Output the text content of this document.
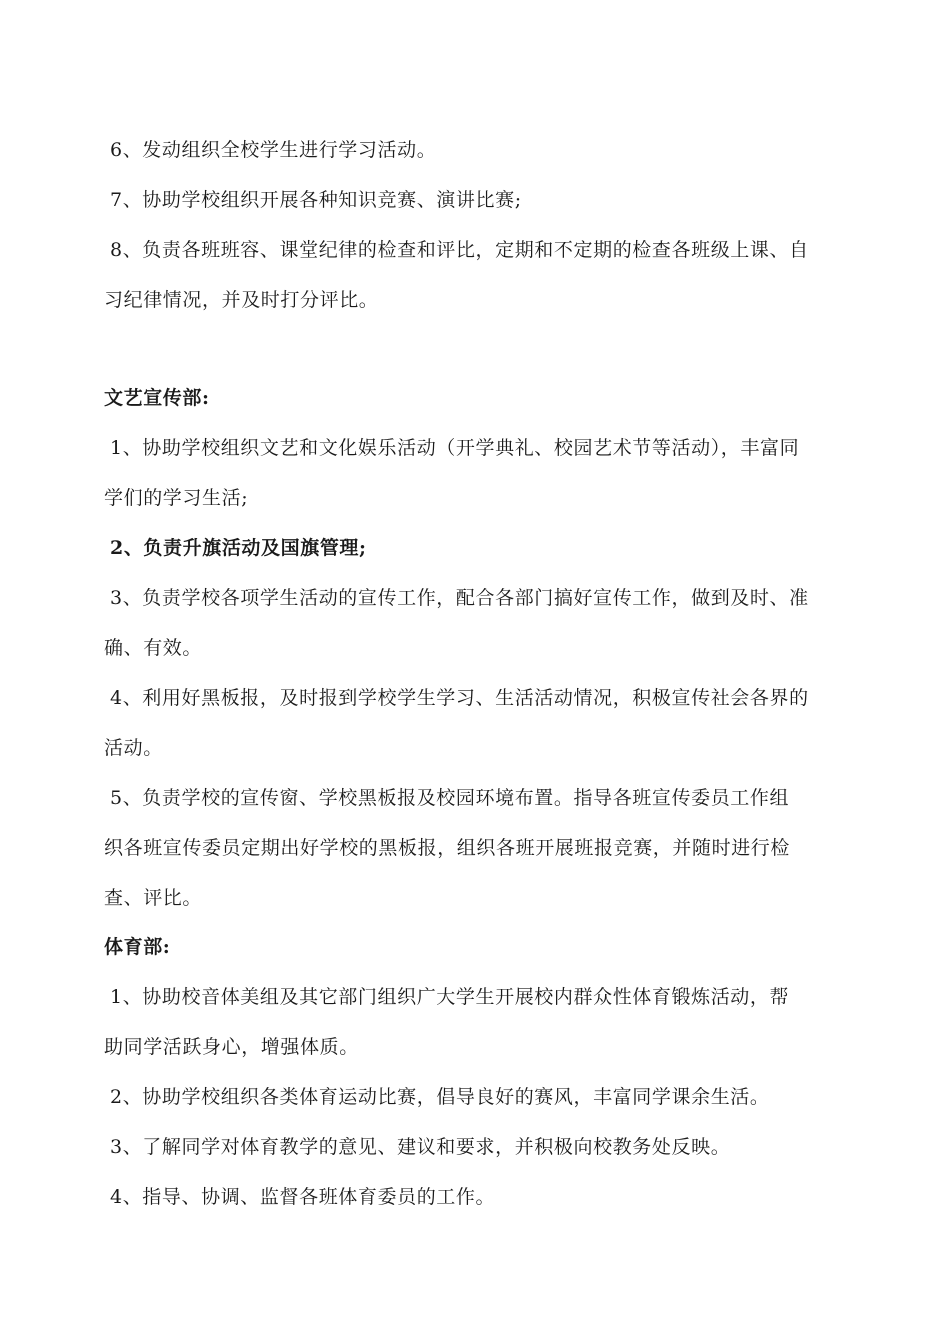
6、发动组织全校学生进行学习活动。
7、协助学校组织开展各种知识竞赛、演讲比赛;
8、负责各班班容、课堂纪律的检查和评比，定期和不定期的检查各班级上课、自
习纪律情况，并及时打分评比。
文艺宣传部:
1、协助学校组织文艺和文化娱乐活动（开学典礼、校园艺术节等活动），丰富同
学们的学习生活;
2、负责升旗活动及国旗管理;
3、负责学校各项学生活动的宣传工作，配合各部门搞好宣传工作，做到及时、准
确、有效。
4、利用好黑板报，及时报到学校学生学习、生活活动情况，积极宣传社会各界的
活动。
5、负责学校的宣传窗、学校黑板报及校园环境布置。指导各班宣传委员工作组
织各班宣传委员定期出好学校的黑板报，组织各班开展班报竞赛，并随时进行检
查、评比。
体育部:
1、协助校音体美组及其它部门组织广大学生开展校内群众性体育锻炼活动，帮
助同学活跃身心，增强体质。
2、协助学校组织各类体育运动比赛，倡导良好的赛风，丰富同学课余生活。
3、了解同学对体育教学的意见、建议和要求，并积极向校教务处反映。
4、指导、协调、监督各班体育委员的工作。
